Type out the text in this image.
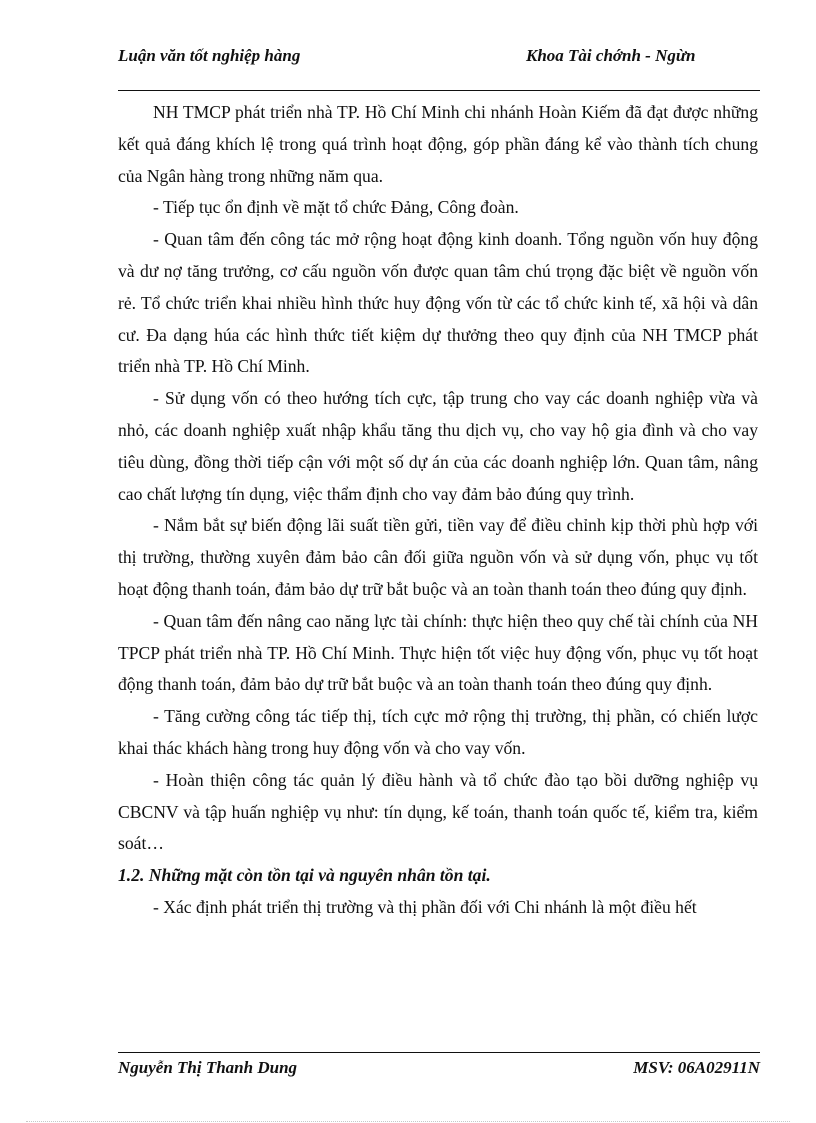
Luận văn tốt nghiệp hàng	Khoa Tài chớnh - Ngừn

NH TMCP phát triển nhà TP. Hồ Chí Minh chi nhánh Hoàn Kiếm đã đạt được những kết quả đáng khích lệ trong quá trình hoạt động, góp phần đáng kể vào thành tích chung của Ngân hàng trong những năm qua.

- Tiếp tục ổn định về mặt tổ chức Đảng, Công đoàn.

- Quan tâm đến công tác mở rộng hoạt động kinh doanh. Tổng nguồn vốn huy động và dư nợ tăng trưởng, cơ cấu nguồn vốn được quan tâm chú trọng đặc biệt về nguồn vốn rẻ. Tổ chức triển khai nhiều hình thức huy động vốn từ các tổ chức kinh tế, xã hội và dân cư. Đa dạng húa các hình thức tiết kiệm dự thưởng theo quy định của NH TMCP phát triển nhà TP. Hồ Chí Minh.

- Sử dụng vốn có theo hướng tích cực, tập trung cho vay các doanh nghiệp vừa và nhỏ, các doanh nghiệp xuất nhập khẩu tăng thu dịch vụ, cho vay hộ gia đình và cho vay tiêu dùng, đồng thời tiếp cận với một số dự án của các doanh nghiệp lớn. Quan tâm, nâng cao chất lượng tín dụng, việc thẩm định cho vay đảm bảo đúng quy trình.

- Nắm bắt sự biến động lãi suất tiền gửi, tiền vay để điều chỉnh kịp thời phù hợp với thị trường, thường xuyên đảm bảo cân đối giữa nguồn vốn và sử dụng vốn, phục vụ tốt hoạt động thanh toán, đảm bảo dự trữ bắt buộc và an toàn thanh toán theo đúng quy định.

- Quan tâm đến nâng cao năng lực tài chính: thực hiện theo quy chế tài chính của NH TPCP phát triển nhà TP. Hồ Chí Minh. Thực hiện tốt việc huy động vốn, phục vụ tốt hoạt động thanh toán, đảm bảo dự trữ bắt buộc và an toàn thanh toán theo đúng quy định.

- Tăng cường công tác tiếp thị, tích cực mở rộng thị trường, thị phần, có chiến lược khai thác khách hàng trong huy động vốn và cho vay vốn.

- Hoàn thiện công tác quản lý điều hành và tổ chức đào tạo bồi dưỡng nghiệp vụ CBCNV và tập huấn nghiệp vụ như: tín dụng, kế toán, thanh toán quốc tế, kiểm tra, kiểm soát…

1.2. Những mặt còn tồn tại và nguyên nhân tồn tại.

- Xác định phát triển thị trường và thị phần đối với Chi nhánh là một điều hết

Nguyễn Thị Thanh Dung	MSV: 06A02911N
